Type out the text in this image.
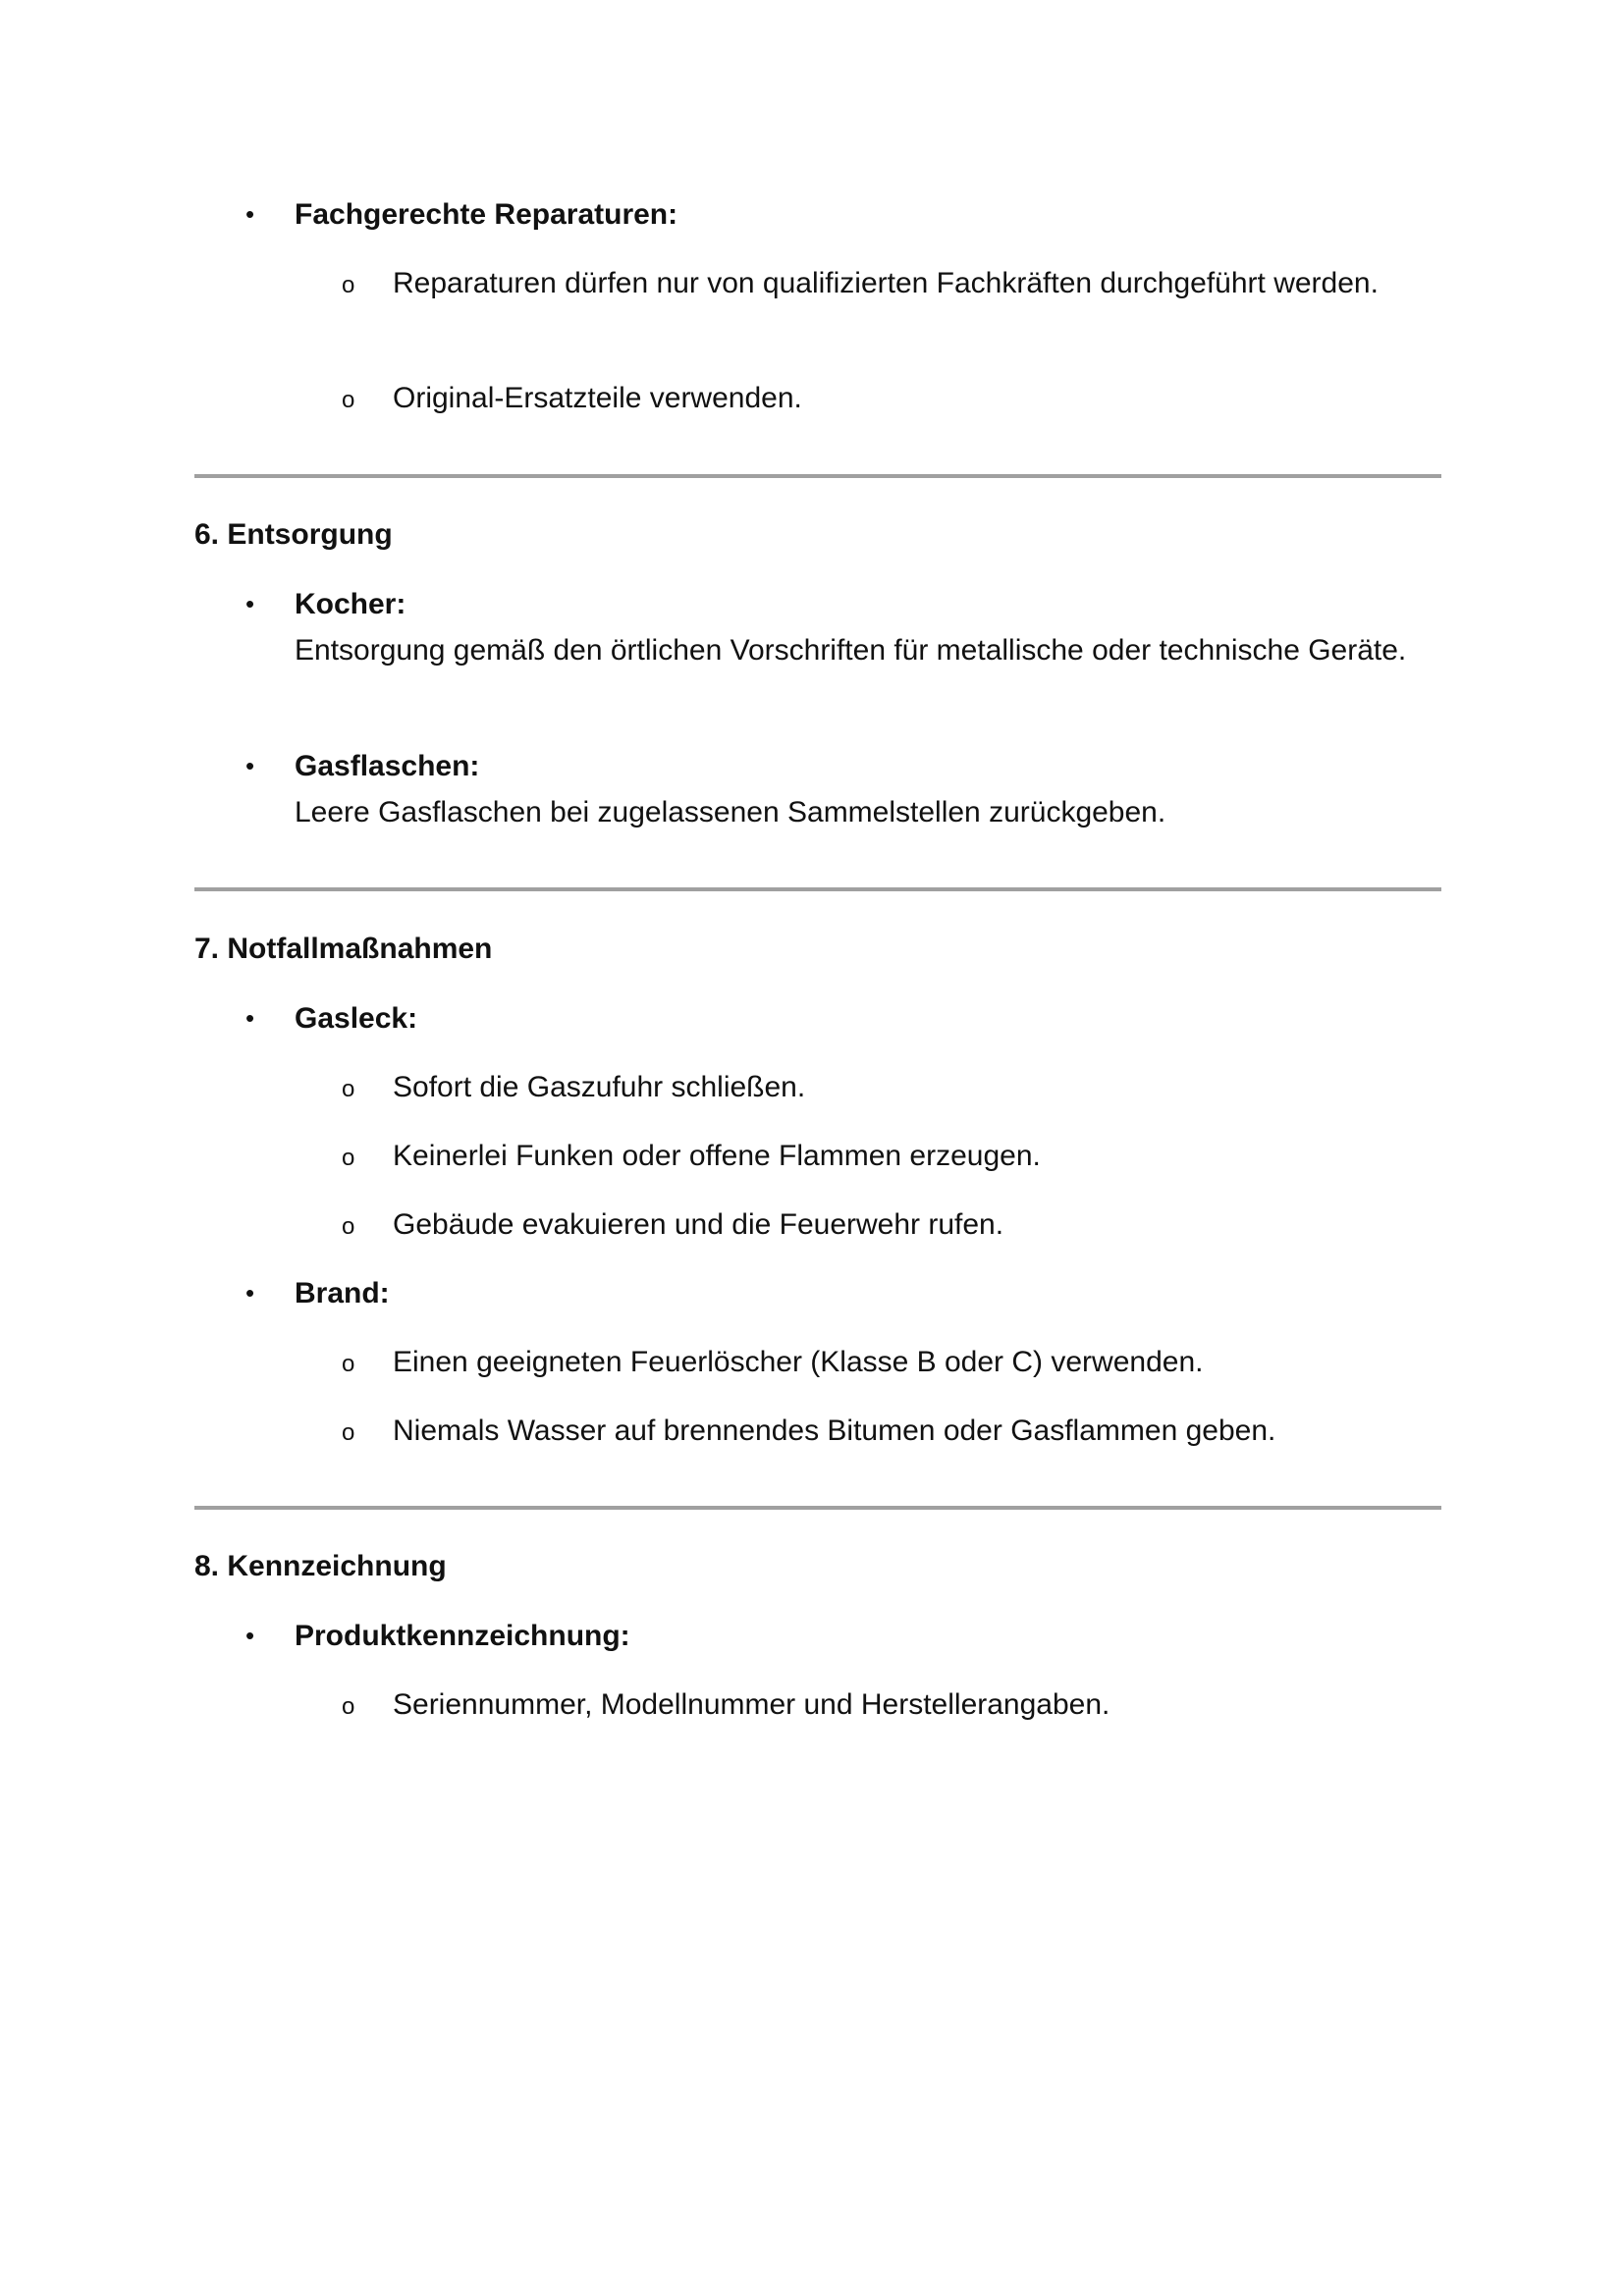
• Fachgerechte Reparaturen:
o Reparaturen dürfen nur von qualifizierten Fachkräften durchgeführt werden.
o Original-Ersatzteile verwenden.
6. Entsorgung
• Kocher:
Entsorgung gemäß den örtlichen Vorschriften für metallische oder technische Geräte.
• Gasflaschen:
Leere Gasflaschen bei zugelassenen Sammelstellen zurückgeben.
7. Notfallmaßnahmen
• Gasleck:
o Sofort die Gaszufuhr schließen.
o Keinerlei Funken oder offene Flammen erzeugen.
o Gebäude evakuieren und die Feuerwehr rufen.
• Brand:
o Einen geeigneten Feuerlöscher (Klasse B oder C) verwenden.
o Niemals Wasser auf brennendes Bitumen oder Gasflammen geben.
8. Kennzeichnung
• Produktkennzeichnung:
o Seriennummer, Modellnummer und Herstellerangaben.
